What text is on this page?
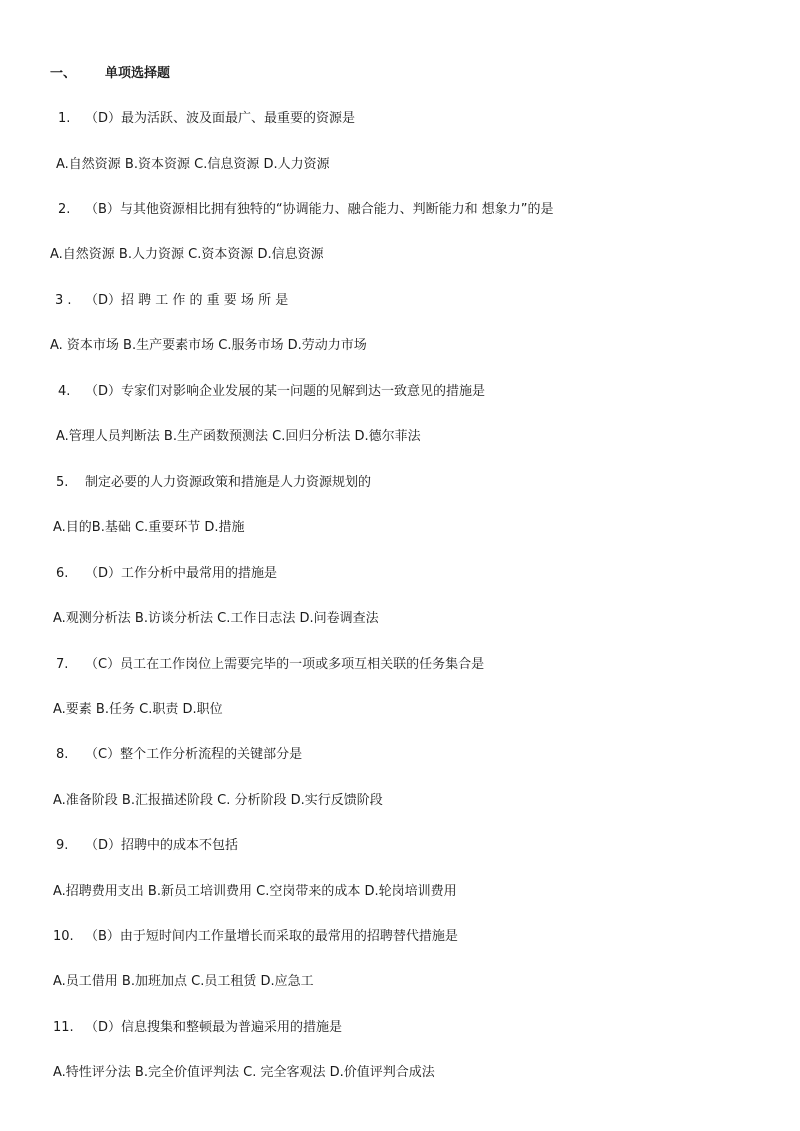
一、 单项选择题
1. （D）最为活跃、波及面最广、最重要的资源是
A.自然资源 B.资本资源 C.信息资源 D.人力资源
2. （B）与其他资源相比拥有独特的“协调能力、融合能力、判断能力和 想象力”的是
A.自然资源 B.人力资源 C.资本资源 D.信息资源
3 . （D）招 聘 工 作 的 重 要 场 所 是
A. 资本市场 B.生产要素市场 C.服务市场 D.劳动力市场
4. （D）专家们对影响企业发展的某一问题的见解到达一致意见的措施是
A.管理人员判断法 B.生产函数预测法 C.回归分析法 D.德尔菲法
5. 制定必要的人力资源政策和措施是人力资源规划的
A.目的B.基础 C.重要环节 D.措施
6. （D）工作分析中最常用的措施是
A.观测分析法 B.访谈分析法 C.工作日志法 D.问卷调查法
7. （C）员工在工作岗位上需要完毕的一项或多项互相关联的任务集合是
A.要素 B.任务 C.职责 D.职位
8. （C）整个工作分析流程的关键部分是
A.准备阶段 B.汇报描述阶段 C. 分析阶段 D.实行反馈阶段
9. （D）招聘中的成本不包括
A.招聘费用支出 B.新员工培训费用 C.空岗带来的成本 D.轮岗培训费用
10. （B）由于短时间内工作量增长而采取的最常用的招聘替代措施是
A.员工借用 B.加班加点 C.员工租赁 D.应急工
11. （D）信息搜集和整顿最为普遍采用的措施是
A.特性评分法 B.完全价值评判法 C. 完全客观法 D.价值评判合成法
